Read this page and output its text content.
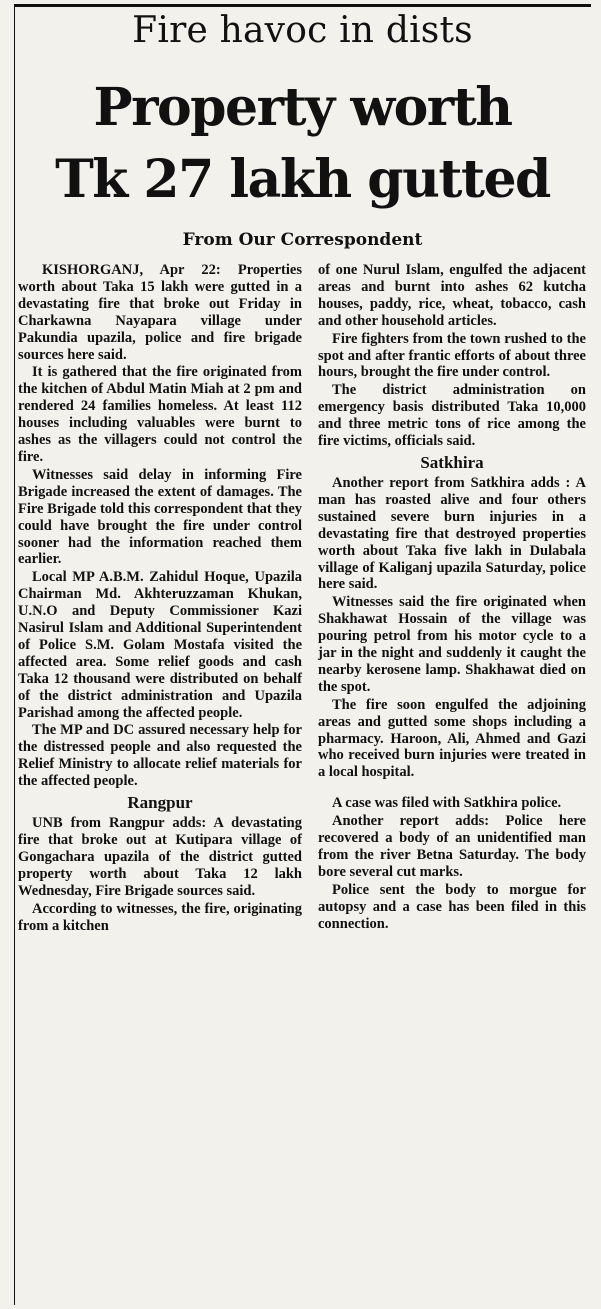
Fire havoc in dists
Property worth
Tk 27 lakh gutted
From Our Correspondent

KISHORGANJ, Apr 22: Properties worth about Taka 15 lakh were gutted in a devastating fire that broke out Friday in Charkawna Nayapara village under Pakundia upazila, police and fire brigade sources here said.

It is gathered that the fire originated from the kitchen of Abdul Matin Miah at 2 pm and rendered 24 families homeless. At least 112 houses including valuables were burnt to ashes as the villagers could not control the fire.

Witnesses said delay in informing Fire Brigade increased the extent of damages. The Fire Brigade told this correspondent that they could have brought the fire under control sooner had the information reached them earlier.

Local MP A.B.M. Zahidul Hoque, Upazila Chairman Md. Akhteruzzaman Khukan, U.N.O and Deputy Commissioner Kazi Nasirul Islam and Additional Superintendent of Police S.M. Golam Mostafa visited the affected area. Some relief goods and cash Taka 12 thousand were distributed on behalf of the district administration and Upazila Parishad among the affected people.

The MP and DC assured necessary help for the distressed people and also requested the Relief Ministry to allocate relief materials for the affected people.

Rangpur

UNB from Rangpur adds: A devastating fire that broke out at Kutipara village of Gongachara upazila of the district gutted property worth about Taka 12 lakh Wednesday, Fire Brigade sources said.

According to witnesses, the fire, originating from a kitchen

of one Nurul Islam, engulfed the adjacent areas and burnt into ashes 62 kutcha houses, paddy, rice, wheat, tobacco, cash and other household articles.

Fire fighters from the town rushed to the spot and after frantic efforts of about three hours, brought the fire under control.

The district administration on emergency basis distributed Taka 10,000 and three metric tons of rice among the fire victims, officials said.

Satkhira

Another report from Satkhira adds : A man has roasted alive and four others sustained severe burn injuries in a devastating fire that destroyed properties worth about Taka five lakh in Dulabala village of Kaliganj upazila Saturday, police here said.

Witnesses said the fire originated when Shakhawat Hossain of the village was pouring petrol from his motor cycle to a jar in the night and suddenly it caught the nearby kerosene lamp. Shakhawat died on the spot.

The fire soon engulfed the adjoining areas and gutted some shops including a pharmacy. Haroon, Ali, Ahmed and Gazi who received burn injuries were treated in a local hospital.

A case was filed with Satkhira police.

Another report adds: Police here recovered a body of an unidentified man from the river Betna Saturday. The body bore several cut marks.

Police sent the body to morgue for autopsy and a case has been filed in this connection.
